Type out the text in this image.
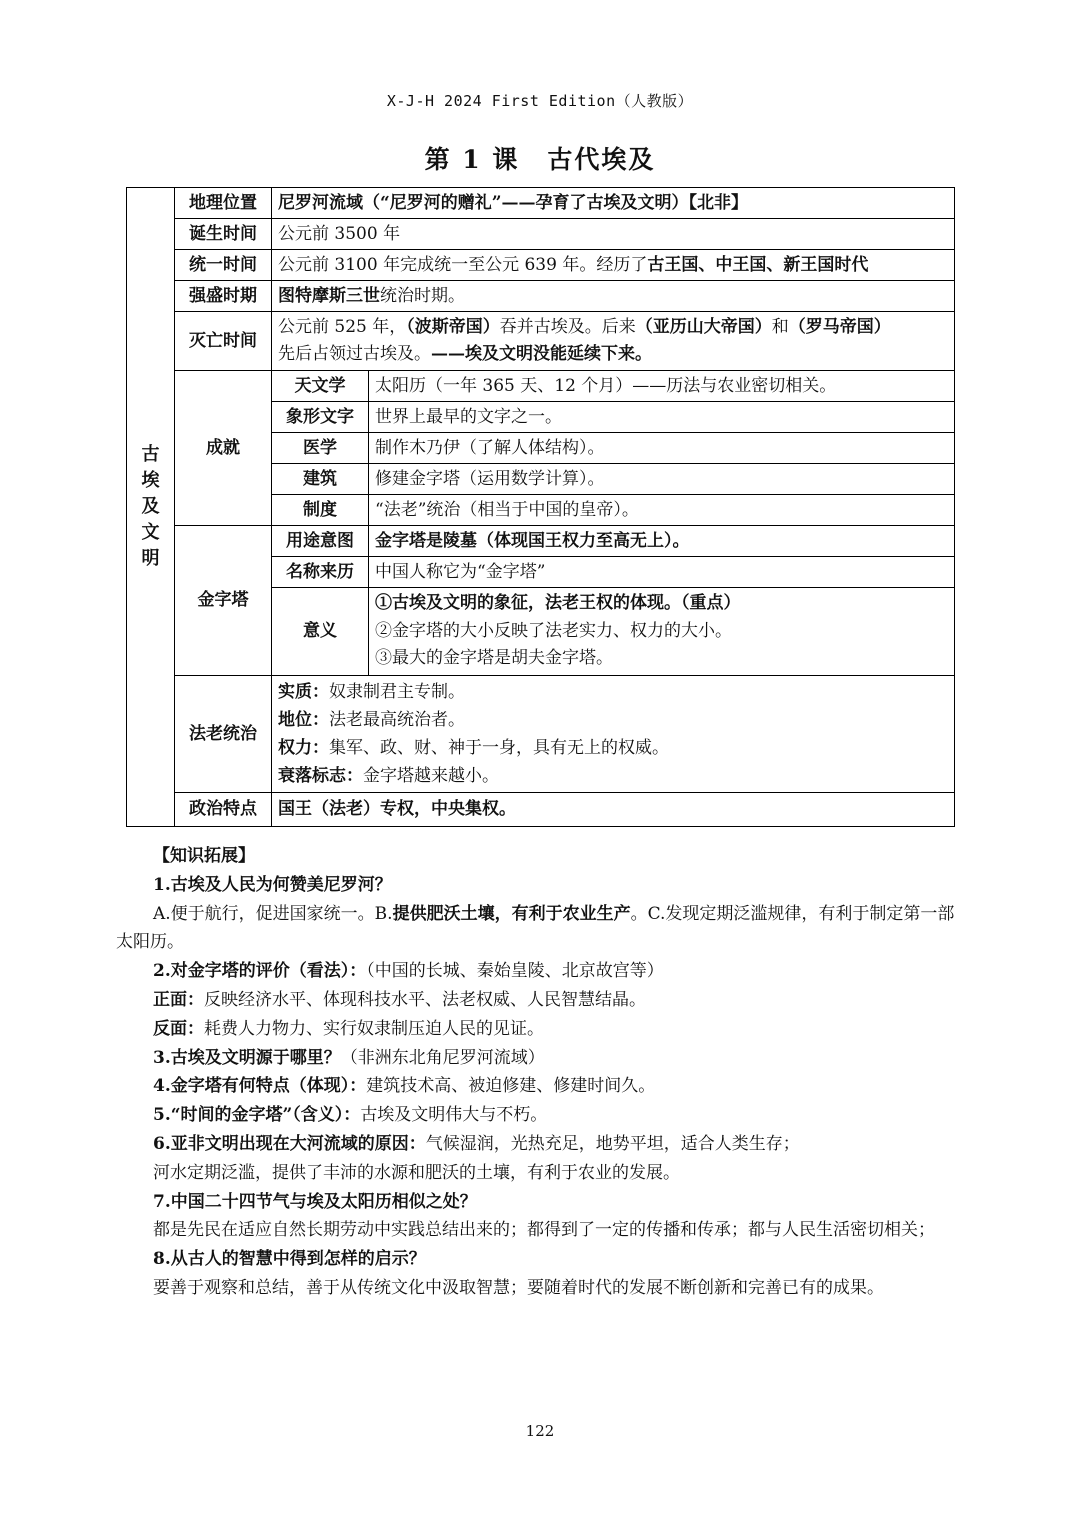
X-J-H 2024 First Edition（人教版）
第 1 课 古代埃及
古
埃
及
文
明	地理位置	尼罗河流域（“尼罗河的赠礼”——孕育了古埃及文明）【北非】	
	诞生时间	公元前 3500 年	
	统一时间	公元前 3100 年完成统一至公元 639 年。经历了古王国、中王国、新王国时代	
	强盛时期	图特摩斯三世统治时期。	
	灭亡时间	公元前 525 年，（波斯帝国）吞并古埃及。后来（亚历山大帝国）和（罗马帝国）
先后占领过古埃及。——埃及文明没能延续下来。	
	成就	天文学	太阳历（一年 365 天、12 个月）——历法与农业密切相关。
		象形文字	世界上最早的文字之一。
		医学	制作木乃伊（了解人体结构）。
		建筑	修建金字塔（运用数学计算）。
		制度	“法老”统治（相当于中国的皇帝）。
	金字塔	用途意图	金字塔是陵墓（体现国王权力至高无上）。
		名称来历	中国人称它为“金字塔”
		意义	①古埃及文明的象征，法老王权的体现。（重点）
②金字塔的大小反映了法老实力、权力的大小。
③最大的金字塔是胡夫金字塔。

	法老统治	实质：奴隶制君主专制。
地位：法老最高统治者。
权力：集军、政、财、神于一身，具有无上的权威。
衰落标志：金字塔越来越小。	

	政治特点	国王（法老）专权，中央集权。	

【知识拓展】

1.古埃及人民为何赞美尼罗河？

A.便于航行，促进国家统一。B.提供肥沃土壤，有利于农业生产。C.发现定期泛滥规律，有利于制定第一部太阳历。

2.对金字塔的评价（看法）：（中国的长城、秦始皇陵、北京故宫等）

正面：反映经济水平、体现科技水平、法老权威、人民智慧结晶。

反面：耗费人力物力、实行奴隶制压迫人民的见证。

3.古埃及文明源于哪里？（非洲东北角尼罗河流域）

4.金字塔有何特点（体现）：建筑技术高、被迫修建、修建时间久。

5.“时间的金字塔”（含义）：古埃及文明伟大与不朽。

6.亚非文明出现在大河流域的原因：气候湿润，光热充足，地势平坦，适合人类生存；

河水定期泛滥，提供了丰沛的水源和肥沃的土壤，有利于农业的发展。

7.中国二十四节气与埃及太阳历相似之处？

都是先民在适应自然长期劳动中实践总结出来的；都得到了一定的传播和传承；都与人民生活密切相关；

8.从古人的智慧中得到怎样的启示？

要善于观察和总结，善于从传统文化中汲取智慧；要随着时代的发展不断创新和完善已有的成果。

122
